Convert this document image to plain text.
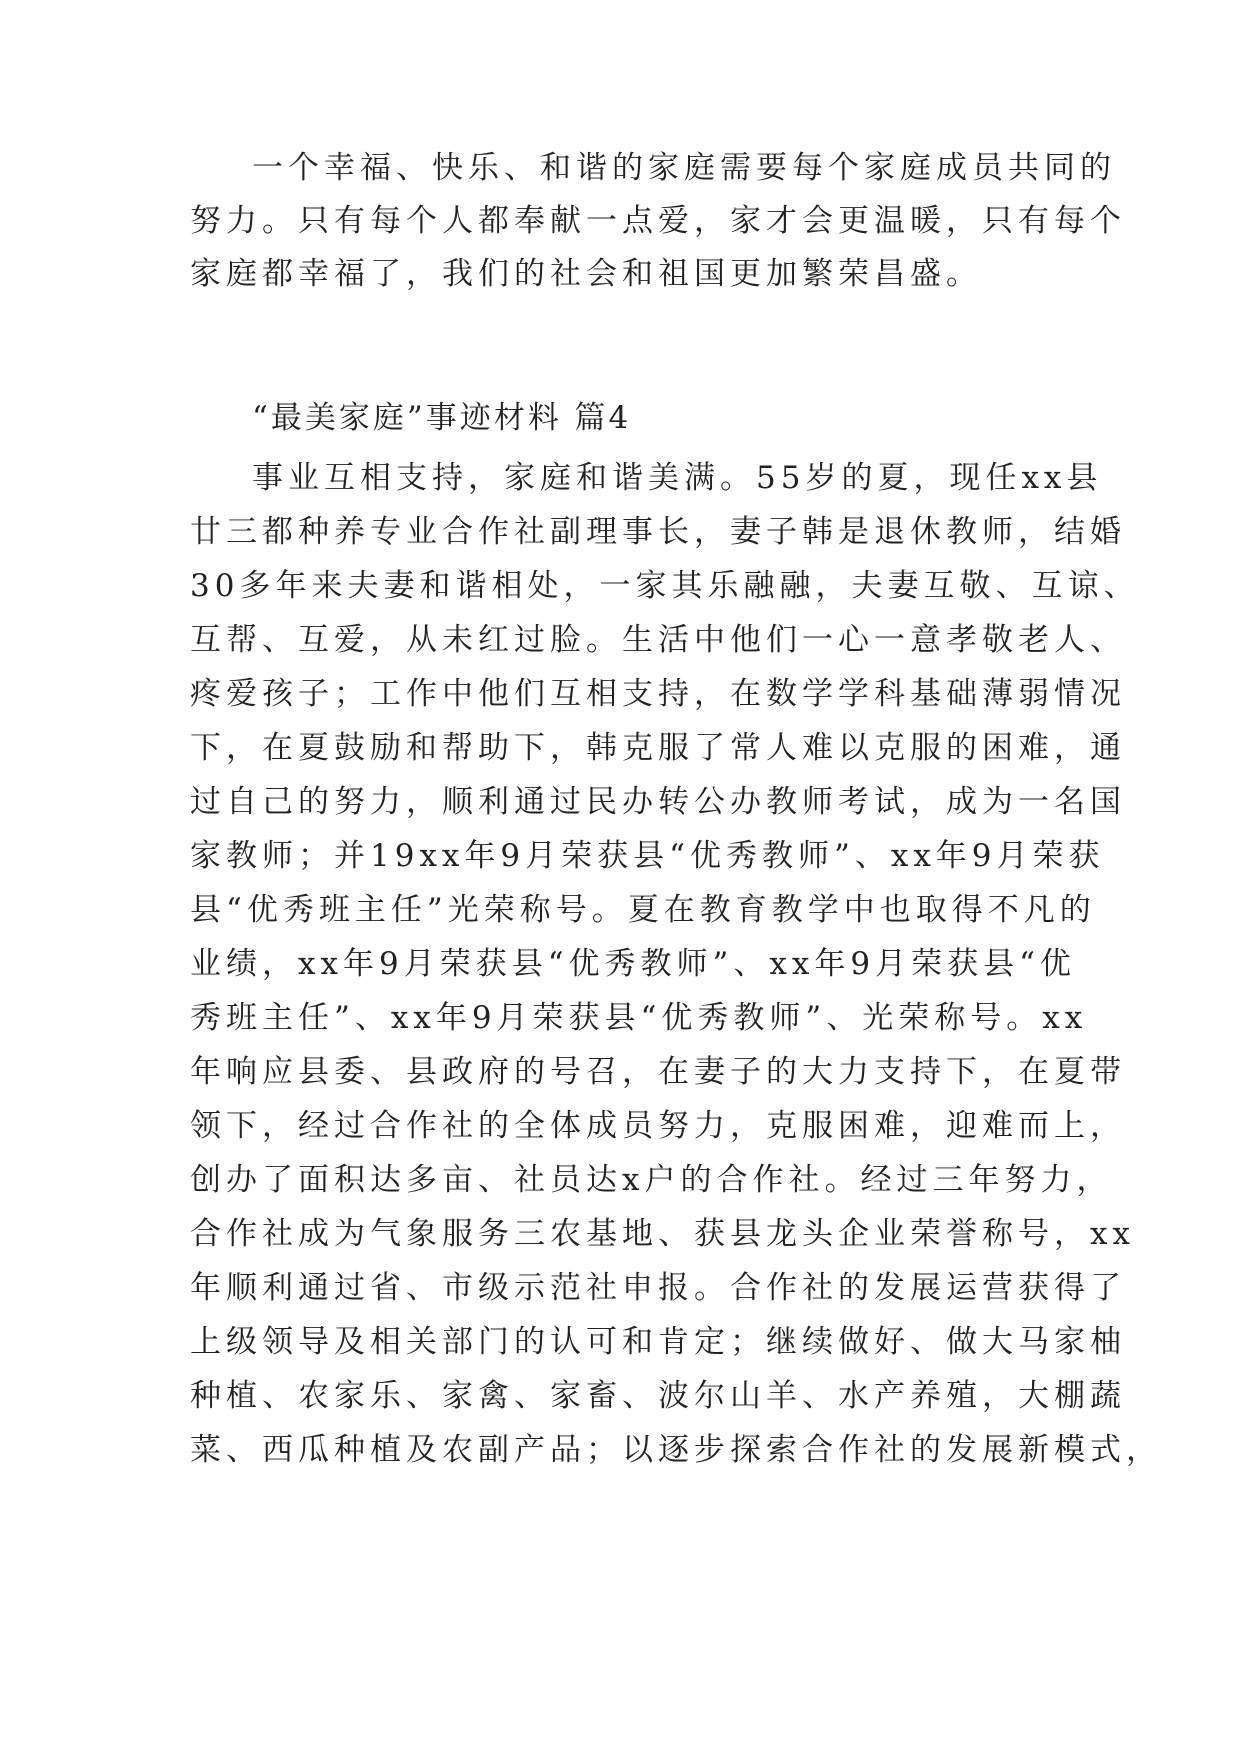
一个幸福、快乐、和谐的家庭需要每个家庭成员共同的
努力。只有每个人都奉献一点爱，家才会更温暖，只有每个
家庭都幸福了，我们的社会和祖国更加繁荣昌盛。
“最美家庭”事迹材料 篇4
事业互相支持，家庭和谐美满。55岁的夏，现任xx县
廿三都种养专业合作社副理事长，妻子韩是退休教师，结婚
30多年来夫妻和谐相处，一家其乐融融，夫妻互敬、互谅、
互帮、互爱，从未红过脸。生活中他们一心一意孝敬老人、
疼爱孩子；工作中他们互相支持，在数学学科基础薄弱情况
下，在夏鼓励和帮助下，韩克服了常人难以克服的困难，通
过自己的努力，顺利通过民办转公办教师考试，成为一名国
家教师；并19xx年9月荣获县“优秀教师”、xx年9月荣获
县“优秀班主任”光荣称号。夏在教育教学中也取得不凡的
业绩，xx年9月荣获县“优秀教师”、xx年9月荣获县“优
秀班主任”、xx年9月荣获县“优秀教师”、光荣称号。xx
年响应县委、县政府的号召，在妻子的大力支持下，在夏带
领下，经过合作社的全体成员努力，克服困难，迎难而上，
创办了面积达多亩、社员达x户的合作社。经过三年努力，
合作社成为气象服务三农基地、获县龙头企业荣誉称号，xx
年顺利通过省、市级示范社申报。合作社的发展运营获得了
上级领导及相关部门的认可和肯定；继续做好、做大马家柚
种植、农家乐、家禽、家畜、波尔山羊、水产养殖，大棚蔬
菜、西瓜种植及农副产品；以逐步探索合作社的发展新模式，
